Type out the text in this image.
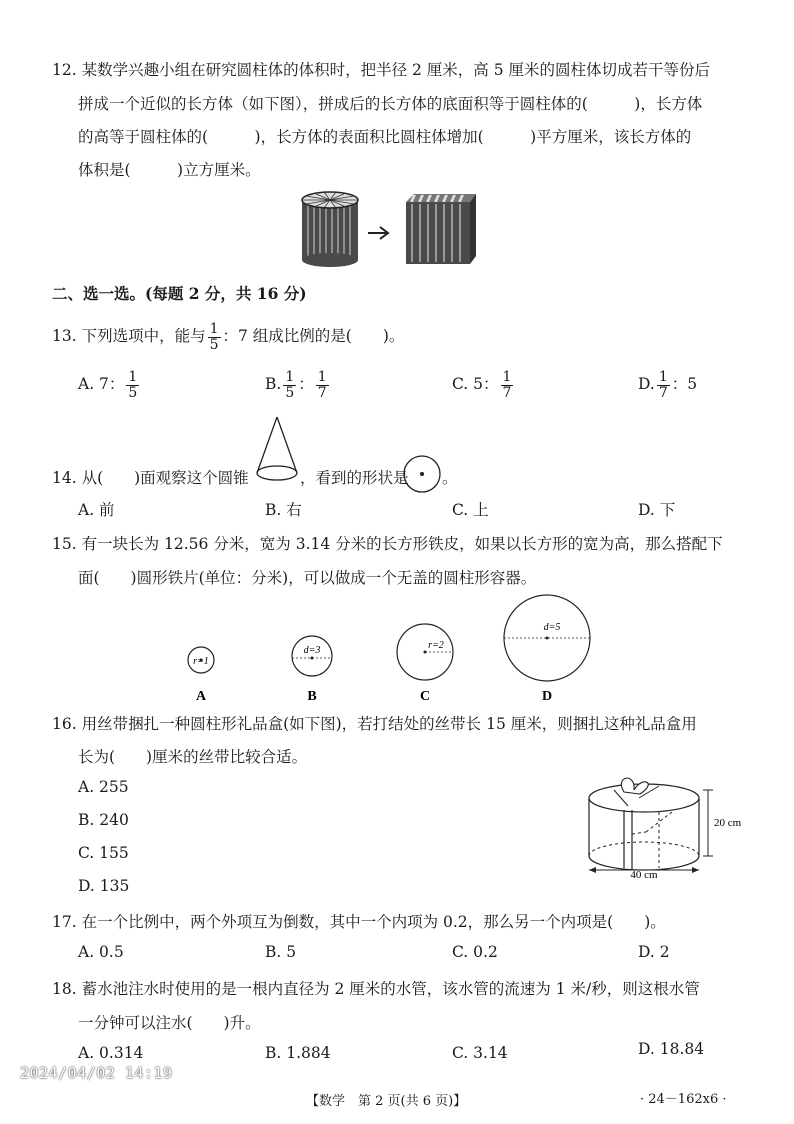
12. 某数学兴趣小组在研究圆柱体的体积时，把半径 2 厘米，高 5 厘米的圆柱体切成若干等份后
拼成一个近似的长方体（如下图），拼成后的长方体的底面积等于圆柱体的(　　　)，长方体
的高等于圆柱体的(　　　)，长方体的表面积比圆柱体增加(　　　)平方厘米，该长方体的
体积是(　　　)立方厘米。
二、选一选。(每题 2 分，共 16 分)
13. 下列选项中，能与 $\frac{1}{5}$ ：7 组成比例的是(　　)。
A. 7： $\frac{1}{5}$	B. $\frac{1}{5}$ ： $\frac{1}{7}$	C. 5： $\frac{1}{7}$	D. $\frac{1}{7}$ ：5
14. 从(　　)面观察这个圆锥	，看到的形状是 。
A. 前	B. 右	C. 上	D. 下
15. 有一块长为 12.56 分米，宽为 3.14 分米的长方形铁皮，如果以长方形的宽为高，那么搭配下
面(　　)圆形铁片(单位：分米)，可以做成一个无盖的圆柱形容器。
r=1
d=3	r=2
d=5
A	B	C	D
16. 用丝带捆扎一种圆柱形礼品盒(如下图)，若打结处的丝带长 15 厘米，则捆扎这种礼品盒用
长为(　　)厘米的丝带比较合适。
A. 255
B. 240
C. 155
D. 135
20 cm
40 cm
17. 在一个比例中，两个外项互为倒数，其中一个内项为 0.2，那么另一个内项是(　　)。
A. 0.5	B. 5	C. 0.2	D. 2
18. 蓄水池注水时使用的是一根内直径为 2 厘米的水管，该水管的流速为 1 米/秒，则这根水管
一分钟可以注水(　　)升。
A. 0.314	B. 1.884	C. 3.14	D. 18.84
2024/04/02 14:19
【数学　第 2 页(共 6 页)】	· 24－162x6 ·
